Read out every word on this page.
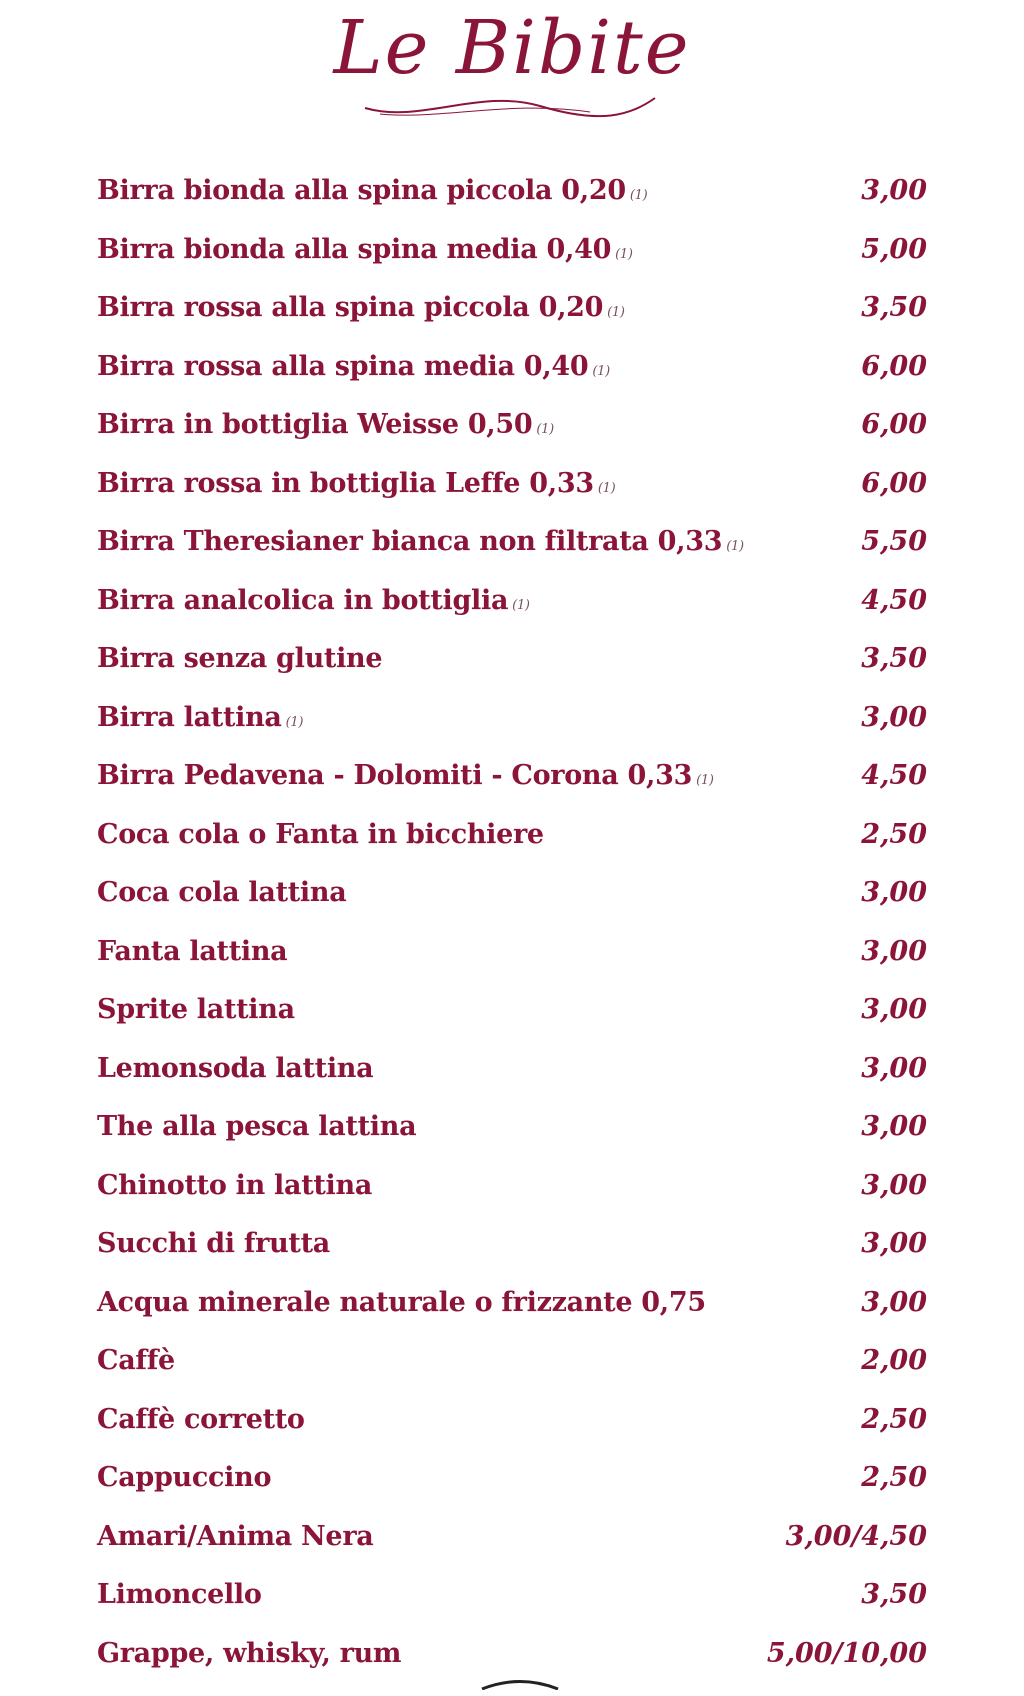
Le Bibite
Birra bionda alla spina piccola 0,20 (1)	3,00
Birra bionda alla spina media 0,40 (1)	5,00
Birra rossa alla spina piccola 0,20 (1)	3,50
Birra rossa alla spina media 0,40 (1)	6,00
Birra in bottiglia Weisse 0,50 (1)	6,00
Birra rossa in bottiglia Leffe 0,33 (1)	6,00
Birra Theresianer bianca non filtrata 0,33 (1)	5,50
Birra analcolica in bottiglia (1)	4,50
Birra senza glutine	3,50
Birra lattina (1)	3,00
Birra Pedavena - Dolomiti - Corona 0,33 (1)	4,50
Coca cola o Fanta in bicchiere	2,50
Coca cola lattina	3,00
Fanta lattina	3,00
Sprite lattina	3,00
Lemonsoda lattina	3,00
The alla pesca lattina	3,00
Chinotto in lattina	3,00
Succhi di frutta	3,00
Acqua minerale naturale o frizzante 0,75	3,00
Caffè	2,00
Caffè corretto	2,50
Cappuccino	2,50
Amari/Anima Nera	3,00/4,50
Limoncello	3,50
Grappe, whisky, rum	5,00/10,00
